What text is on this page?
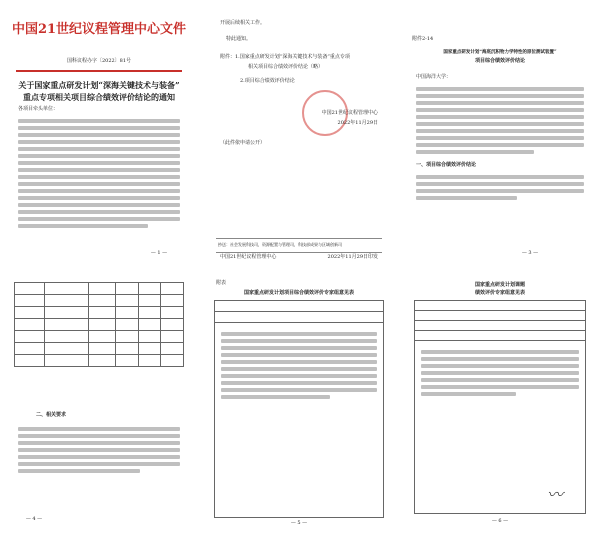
中国21世纪议程管理中心文件
国科议程办字〔2022〕81号
关于国家重点研发计划“深海关键技术与装备”
重点专项相关项目综合绩效评价结论的通知
各项目牵头单位：
— 1 —
开展后续相关工作。
特此通知。
附件：1.国家重点研发计划“深海关键技术与装备”重点专项
相关项目综合绩效评价结论（略）
2.项目综合绩效评价结论
中国21世纪议程管理中心
2022年11月29日
（此件依申请公开）
抄送：社会发展科技司，资源配置与管理司，科技部成果与区域创新司
中国21世纪议程管理中心	2022年11月29日印发
附件2-14
国家重点研发计划“海底沉积物力学特性的原位测试装置”
项目综合绩效评价结论
中国海洋大学：
一、项目综合绩效评价结论
— 3 —

二、相关要求
— 4 —
附表
国家重点研发计划项目综合绩效评价专家组意见表
— 5 —
国家重点研发计划课题
绩效评价专家组意见表
〰
— 6 —
